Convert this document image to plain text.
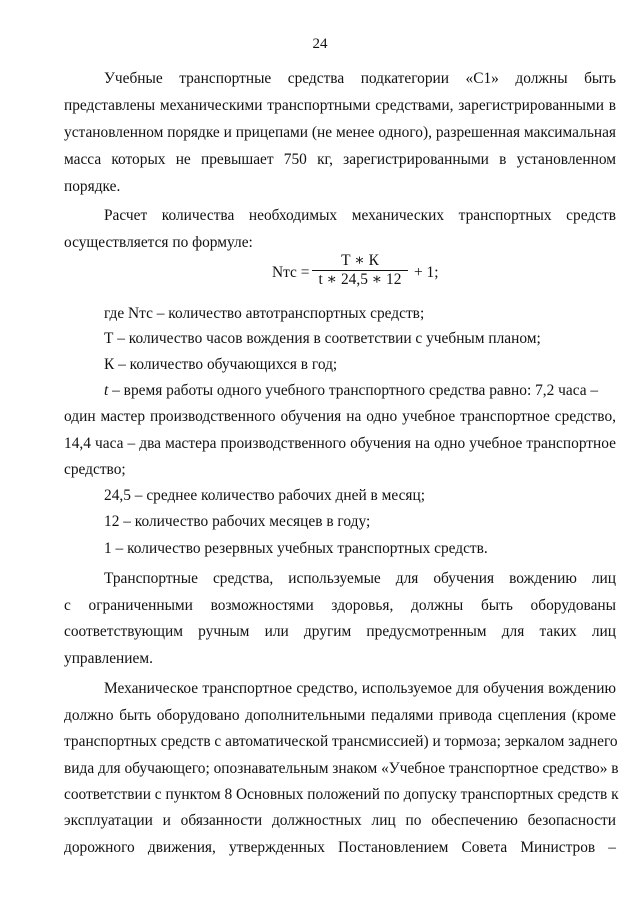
24
Учебные транспортные средства подкатегории «С1» должны быть
представлены механическими транспортными средствами, зарегистрированными в
установленном порядке и прицепами (не менее одного), разрешенная максимальная
масса которых не превышает 750 кг, зарегистрированными в установленном
порядке.
Расчет количества необходимых механических транспортных средств
осуществляется по формуле:
Nтс =
Т ∗ К
t ∗ 24,5 ∗ 12 + 1;
где Nтс – количество автотранспортных средств;
Т – количество часов вождения в соответствии с учебным планом;
К – количество обучающихся в год;
t – время работы одного учебного транспортного средства равно: 7,2 часа –
один мастер производственного обучения на одно учебное транспортное средство,
14,4 часа – два мастера производственного обучения на одно учебное транспортное
средство;
24,5 – среднее количество рабочих дней в месяц;
12 – количество рабочих месяцев в году;
1 – количество резервных учебных транспортных средств.
Транспортные средства, используемые для обучения вождению лиц
с ограниченными возможностями здоровья, должны быть оборудованы
соответствующим ручным или другим предусмотренным для таких лиц
управлением.
Механическое транспортное средство, используемое для обучения вождению
должно быть оборудовано дополнительными педалями привода сцепления (кроме
транспортных средств с автоматической трансмиссией) и тормоза; зеркалом заднего
вида для обучающего; опознавательным знаком «Учебное транспортное средство» в
соответствии с пунктом 8 Основных положений по допуску транспортных средств к
эксплуатации и обязанности должностных лиц по обеспечению безопасности
дорожного движения, утвержденных Постановлением Совета Министров –
